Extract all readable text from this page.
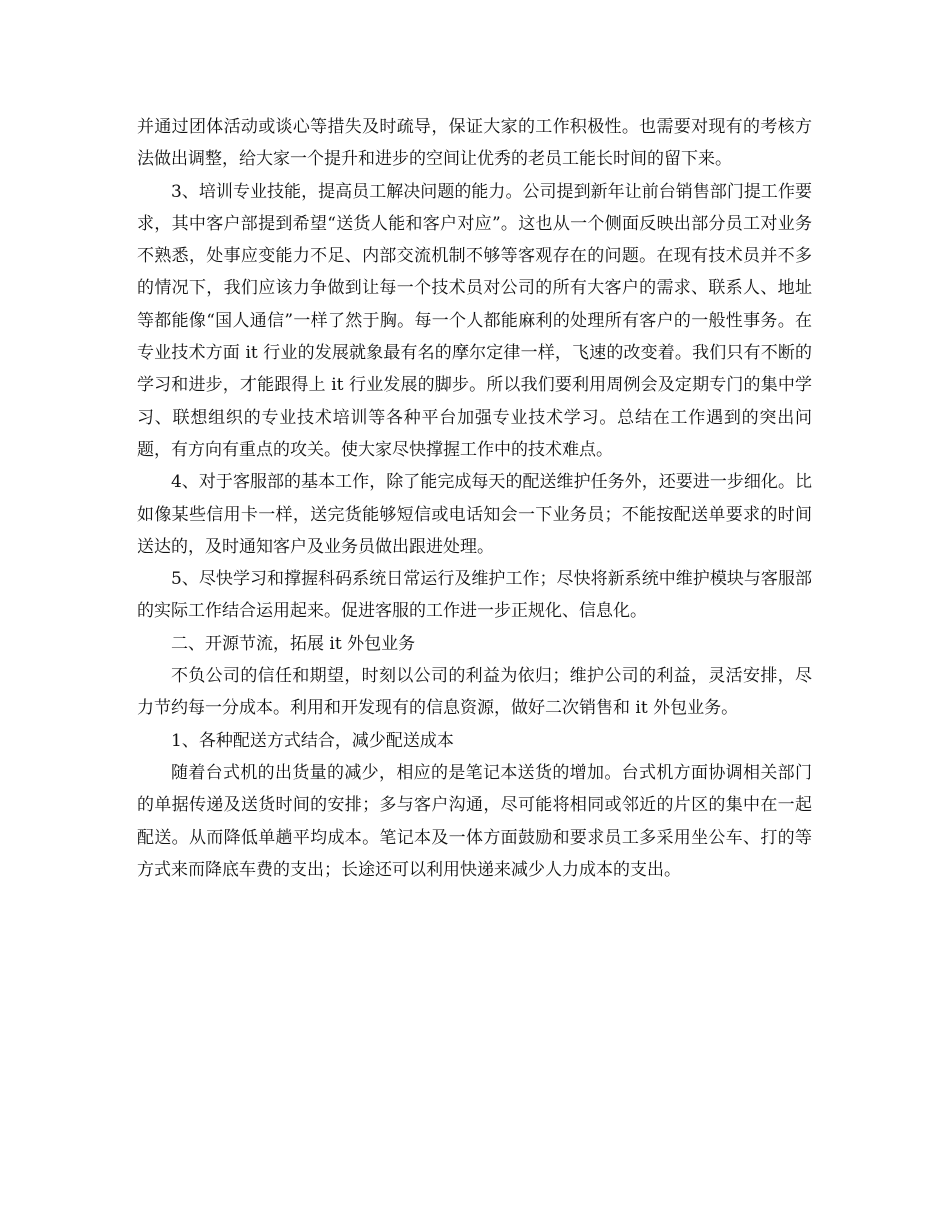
并通过团体活动或谈心等措失及时疏导，保证大家的工作积极性。也需要对现有的考核方法做出调整，给大家一个提升和进步的空间让优秀的老员工能长时间的留下来。

3、培训专业技能，提高员工解决问题的能力。公司提到新年让前台销售部门提工作要求，其中客户部提到希望“送货人能和客户对应”。这也从一个侧面反映出部分员工对业务不熟悉，处事应变能力不足、内部交流机制不够等客观存在的问题。在现有技术员并不多的情况下，我们应该力争做到让每一个技术员对公司的所有大客户的需求、联系人、地址等都能像“国人通信”一样了然于胸。每一个人都能麻利的处理所有客户的一般性事务。在专业技术方面 it 行业的发展就象最有名的摩尔定律一样，飞速的改变着。我们只有不断的学习和进步，才能跟得上 it 行业发展的脚步。所以我们要利用周例会及定期专门的集中学习、联想组织的专业技术培训等各种平台加强专业技术学习。总结在工作遇到的突出问题，有方向有重点的攻关。使大家尽快撑握工作中的技术难点。

4、对于客服部的基本工作，除了能完成每天的配送维护任务外，还要进一步细化。比如像某些信用卡一样，送完货能够短信或电话知会一下业务员；不能按配送单要求的时间送达的，及时通知客户及业务员做出跟进处理。

5、尽快学习和撑握科码系统日常运行及维护工作；尽快将新系统中维护模块与客服部的实际工作结合运用起来。促进客服的工作进一步正规化、信息化。

二、开源节流，拓展 it 外包业务

不负公司的信任和期望，时刻以公司的利益为依归；维护公司的利益，灵活安排，尽力节约每一分成本。利用和开发现有的信息资源，做好二次销售和 it 外包业务。

1、各种配送方式结合，减少配送成本

随着台式机的出货量的减少，相应的是笔记本送货的增加。台式机方面协调相关部门的单据传递及送货时间的安排；多与客户沟通，尽可能将相同或邻近的片区的集中在一起配送。从而降低单趟平均成本。笔记本及一体方面鼓励和要求员工多采用坐公车、打的等方式来而降底车费的支出；长途还可以利用快递来减少人力成本的支出。
